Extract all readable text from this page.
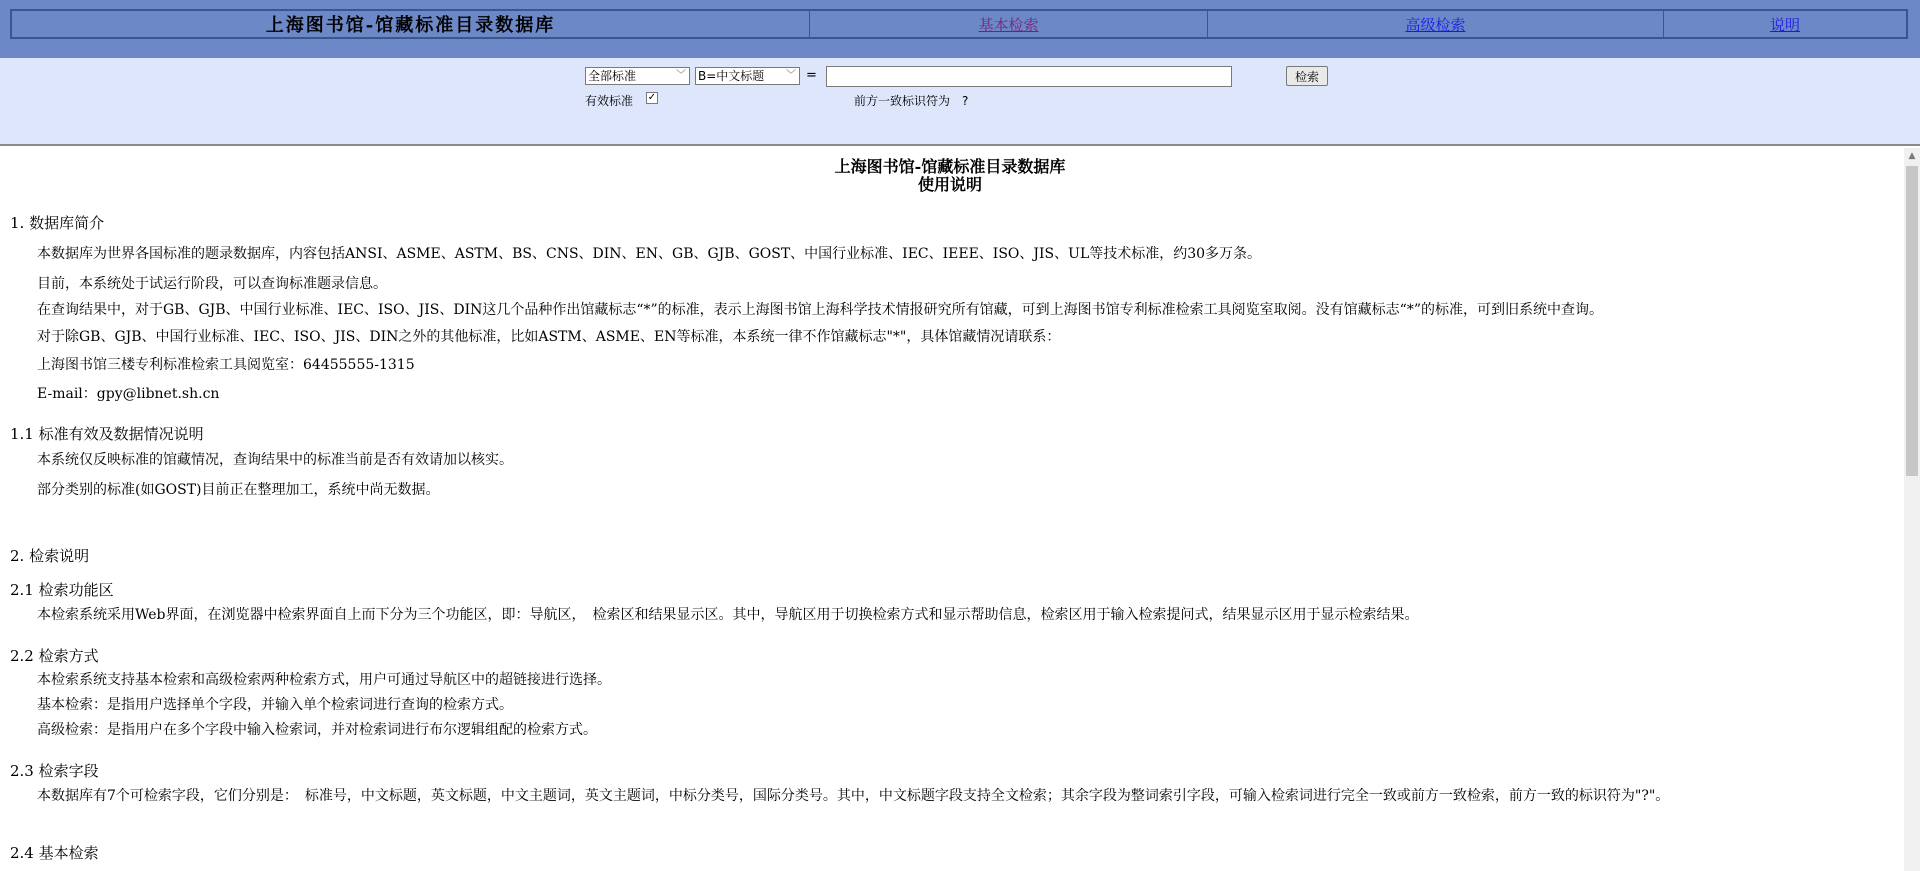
上海图书馆-馆藏标准目录数据库	基本检索	高级检索	说明
全部标准	﹀ B=中文标题 ﹀ =	检索
有效标准 ✓	前方一致标识符为　?
上海图书馆-馆藏标准目录数据库
使用说明
1. 数据库简介
本数据库为世界各国标准的题录数据库，内容包括ANSI、ASME、ASTM、BS、CNS、DIN、EN、GB、GJB、GOST、中国行业标准、IEC、IEEE、ISO、JIS、UL等技术标准，约30多万条。
目前，本系统处于试运行阶段，可以查询标准题录信息。
在查询结果中，对于GB、GJB、中国行业标准、IEC、ISO、JIS、DIN这几个品种作出馆藏标志“*”的标准，表示上海图书馆上海科学技术情报研究所有馆藏，可到上海图书馆专利标准检索工具阅览室取阅。没有馆藏标志“*”的标准，可到旧系统中查询。
对于除GB、GJB、中国行业标准、IEC、ISO、JIS、DIN之外的其他标准，比如ASTM、ASME、EN等标准，本系统一律不作馆藏标志"*"，具体馆藏情况请联系：
上海图书馆三楼专利标准检索工具阅览室：64455555-1315
E-mail：gpy@libnet.sh.cn
1.1 标准有效及数据情况说明
本系统仅反映标准的馆藏情况，查询结果中的标准当前是否有效请加以核实。
部分类别的标准(如GOST)目前正在整理加工，系统中尚无数据。
2. 检索说明
2.1 检索功能区
本检索系统采用Web界面，在浏览器中检索界面自上而下分为三个功能区，即：导航区，　检索区和结果显示区。其中，导航区用于切换检索方式和显示帮助信息，检索区用于输入检索提问式，结果显示区用于显示检索结果。
2.2 检索方式
本检索系统支持基本检索和高级检索两种检索方式，用户可通过导航区中的超链接进行选择。
基本检索：是指用户选择单个字段，并输入单个检索词进行查询的检索方式。
高级检索：是指用户在多个字段中输入检索词，并对检索词进行布尔逻辑组配的检索方式。
2.3 检索字段
本数据库有7个可检索字段，它们分别是：　标准号，中文标题，英文标题，中文主题词，英文主题词，中标分类号，国际分类号。其中，中文标题字段支持全文检索；其余字段为整词索引字段，可输入检索词进行完全一致或前方一致检索，前方一致的标识符为"?"。
2.4 基本检索
▲
